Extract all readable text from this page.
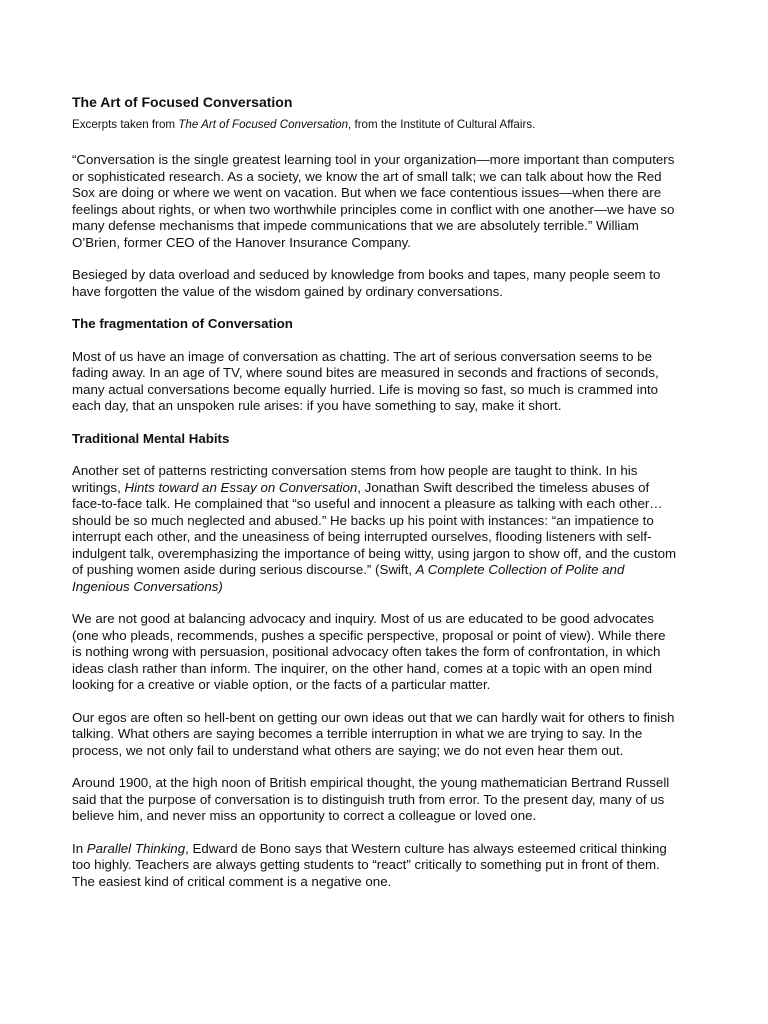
The Art of Focused Conversation
Excerpts taken from The Art of Focused Conversation, from the Institute of Cultural Affairs.

“Conversation is the single greatest learning tool in your organization—more important than computers or sophisticated research. As a society, we know the art of small talk; we can talk about how the Red Sox are doing or where we went on vacation. But when we face contentious issues—when there are feelings about rights, or when two worthwhile principles come in conflict with one another—we have so many defense mechanisms that impede communications that we are absolutely terrible.” William O’Brien, former CEO of the Hanover Insurance Company.

Besieged by data overload and seduced by knowledge from books and tapes, many people seem to have forgotten the value of the wisdom gained by ordinary conversations.

The fragmentation of Conversation

Most of us have an image of conversation as chatting. The art of serious conversation seems to be fading away. In an age of TV, where sound bites are measured in seconds and fractions of seconds, many actual conversations become equally hurried. Life is moving so fast, so much is crammed into each day, that an unspoken rule arises: if you have something to say, make it short.

Traditional Mental Habits

Another set of patterns restricting conversation stems from how people are taught to think. In his writings, Hints toward an Essay on Conversation, Jonathan Swift described the timeless abuses of face-to-face talk. He complained that “so useful and innocent a pleasure as talking with each other…should be so much neglected and abused.” He backs up his point with instances: “an impatience to interrupt each other, and the uneasiness of being interrupted ourselves, flooding listeners with self-indulgent talk, overemphasizing the importance of being witty, using jargon to show off, and the custom of pushing women aside during serious discourse.” (Swift, A Complete Collection of Polite and Ingenious Conversations)

We are not good at balancing advocacy and inquiry. Most of us are educated to be good advocates (one who pleads, recommends, pushes a specific perspective, proposal or point of view). While there is nothing wrong with persuasion, positional advocacy often takes the form of confrontation, in which ideas clash rather than inform. The inquirer, on the other hand, comes at a topic with an open mind looking for a creative or viable option, or the facts of a particular matter.

Our egos are often so hell-bent on getting our own ideas out that we can hardly wait for others to finish talking. What others are saying becomes a terrible interruption in what we are trying to say. In the process, we not only fail to understand what others are saying; we do not even hear them out.

Around 1900, at the high noon of British empirical thought, the young mathematician Bertrand Russell said that the purpose of conversation is to distinguish truth from error. To the present day, many of us believe him, and never miss an opportunity to correct a colleague or loved one.

In Parallel Thinking, Edward de Bono says that Western culture has always esteemed critical thinking too highly. Teachers are always getting students to “react” critically to something put in front of them. The easiest kind of critical comment is a negative one.
